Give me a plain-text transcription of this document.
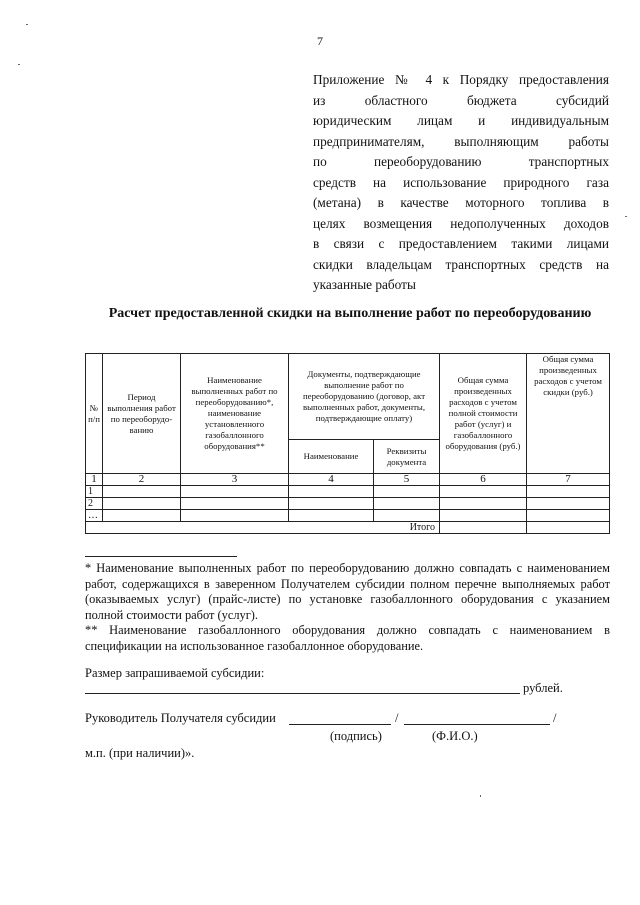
7
Приложение № 4 к Порядку предоставления
из областного бюджета субсидий
юридическим лицам и индивидуальным
предпринимателям, выполняющим работы
по переоборудованию транспортных
средств на использование природного газа
(метана) в качестве моторного топлива в
целях возмещения недополученных доходов
в связи с предоставлением такими лицами
скидки владельцам транспортных средств на
указанные работы
Расчет предоставленной скидки на выполнение работ по переоборудованию
№ п/п	Период выполнения работ по переоборудо-ванию	Наименование выполненных работ по переоборудованию*, наименование установленного газобаллонного оборудования**	Документы, подтверждающие выполнение работ по переоборудованию (договор, акт выполненных работ, документы, подтверждающие оплату)		Общая сумма произведенных расходов с учетом полной стоимости работ (услуг) и газобаллонного оборудования (руб.)	Общая сумма произведенных расходов с учетом скидки (руб.)
			Наименование	Реквизиты документа		
1	2	3	4	5	6	7
1						
2						
…						
Итого						
* Наименование выполненных работ по переоборудованию должно совпадать с наименованием работ, содержащихся в заверенном Получателем субсидии полном перечне выполняемых работ (оказываемых услуг) (прайс-листе) по установке газобаллонного оборудования с указанием полной стоимости работ (услуг).
** Наименование газобаллонного оборудования должно совпадать с наименованием в спецификации на использованное газобаллонное оборудование.
Размер запрашиваемой субсидии:
рублей.
Руководитель Получателя субсидии	/	/
(подпись)	(Ф.И.О.)
м.п. (при наличии)».
